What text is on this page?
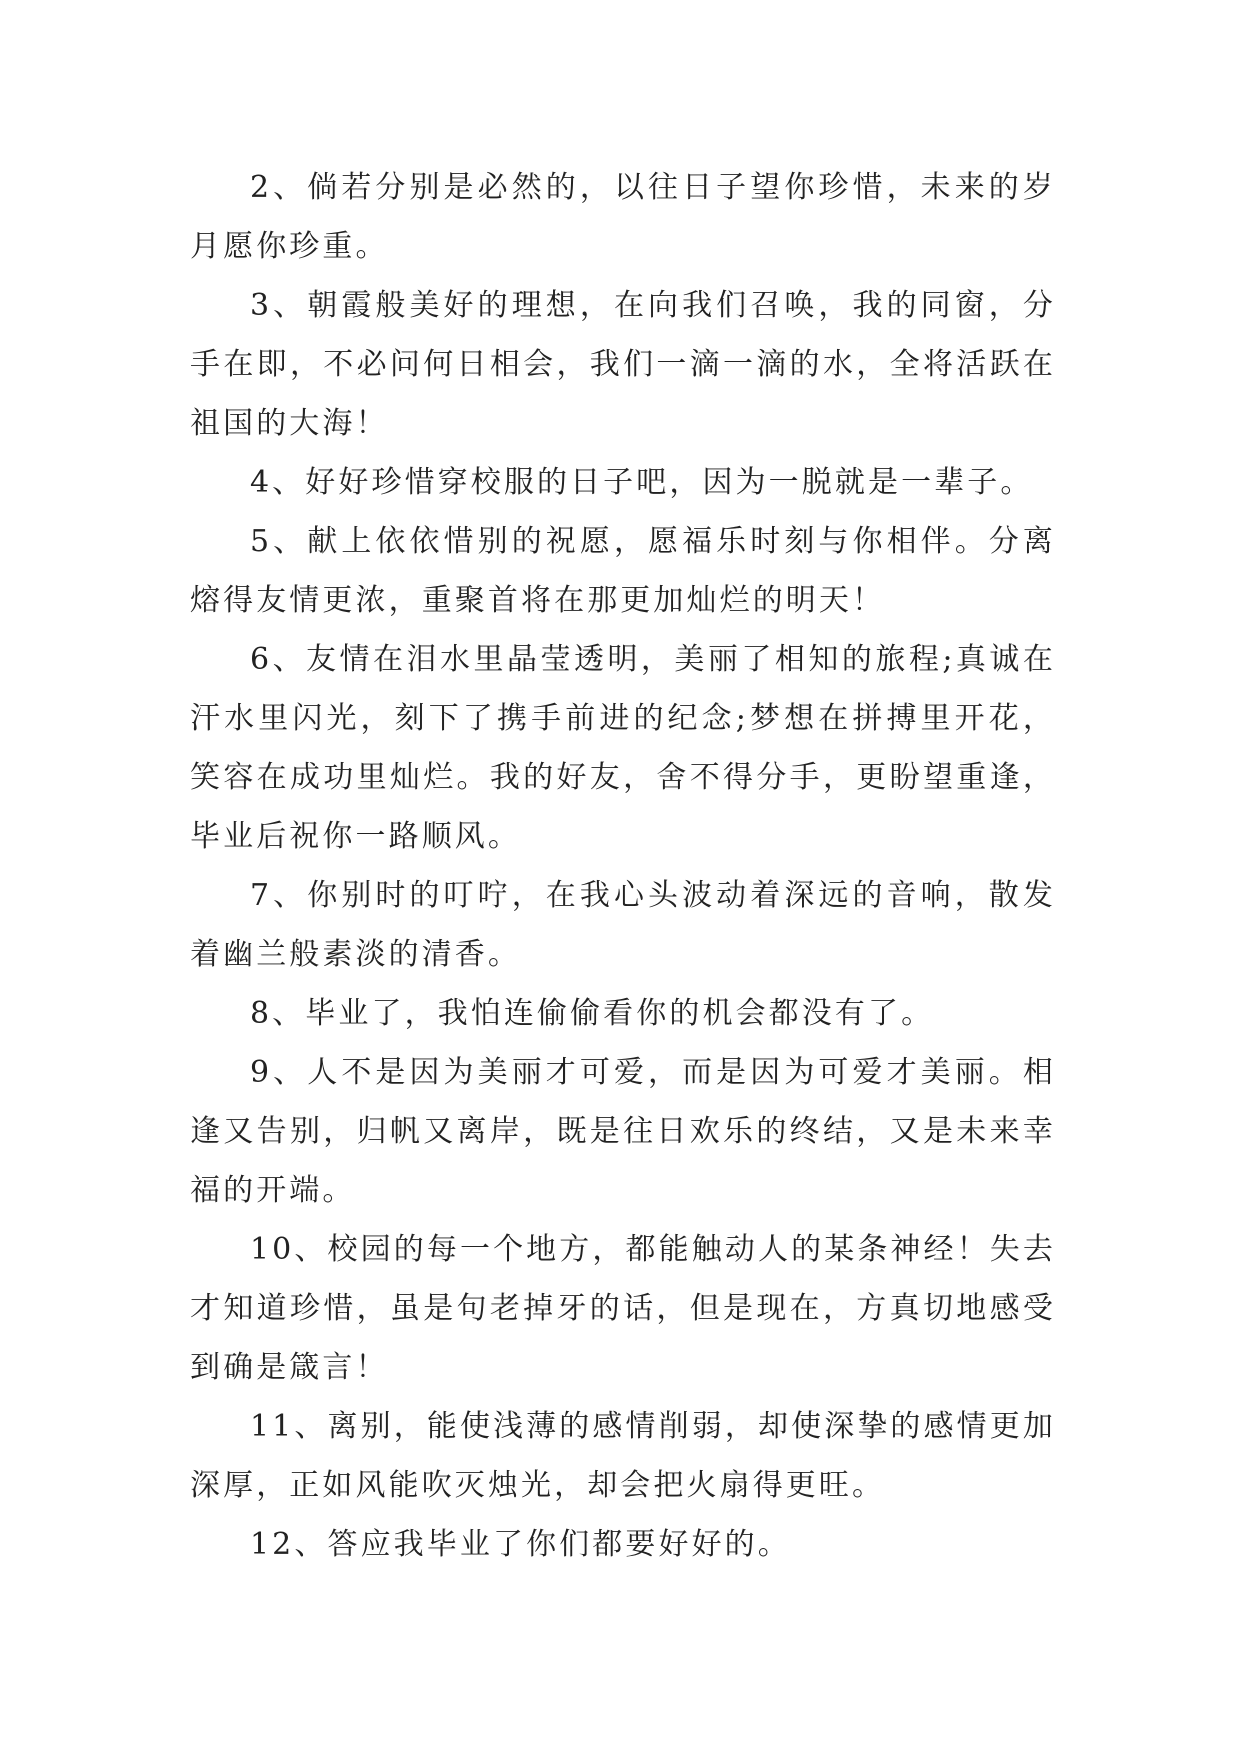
2、倘若分别是必然的，以往日子望你珍惜，未来的岁月愿你珍重。

3、朝霞般美好的理想，在向我们召唤，我的同窗，分手在即，不必问何日相会，我们一滴一滴的水，全将活跃在祖国的大海！

4、好好珍惜穿校服的日子吧，因为一脱就是一辈子。

5、献上依依惜别的祝愿，愿福乐时刻与你相伴。分离熔得友情更浓，重聚首将在那更加灿烂的明天！

6、友情在泪水里晶莹透明，美丽了相知的旅程;真诚在汗水里闪光，刻下了携手前进的纪念;梦想在拼搏里开花，笑容在成功里灿烂。我的好友，舍不得分手，更盼望重逢，毕业后祝你一路顺风。

7、你别时的叮咛，在我心头波动着深远的音响，散发着幽兰般素淡的清香。

8、毕业了，我怕连偷偷看你的机会都没有了。

9、人不是因为美丽才可爱，而是因为可爱才美丽。相逢又告别，归帆又离岸，既是往日欢乐的终结，又是未来幸福的开端。

10、校园的每一个地方，都能触动人的某条神经！失去才知道珍惜，虽是句老掉牙的话，但是现在，方真切地感受到确是箴言！

11、离别，能使浅薄的感情削弱，却使深挚的感情更加深厚，正如风能吹灭烛光，却会把火扇得更旺。

12、答应我毕业了你们都要好好的。
